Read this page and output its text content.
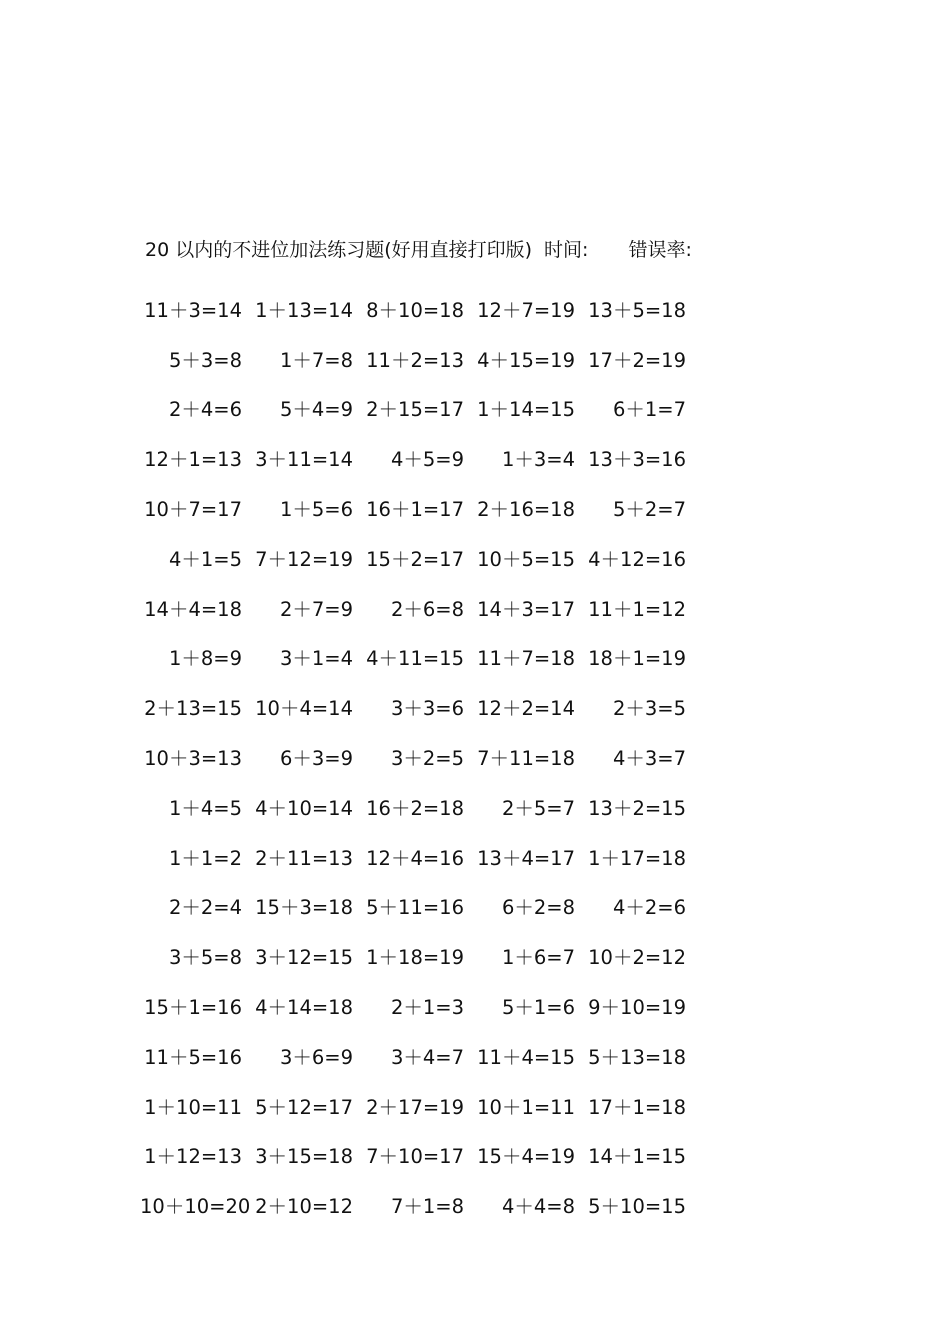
20 以内的不进位加法练习题(好用直接打印版) 时间: 错误率:
11＋3=14 1＋13=14 8＋10=18 12＋7=19 13＋5=18
5＋3=8	1＋7=8 11＋2=13 4＋15=19 17＋2=19
2＋4=6	5＋4=9 2＋15=17 1＋14=15	6＋1=7
12＋1=13 3＋11=14	4＋5=9	1＋3=4 13＋3=16
10＋7=17	1＋5=6 16＋1=17 2＋16=18	5＋2=7
4＋1=5 7＋12=19 15＋2=17 10＋5=15 4＋12=16
14＋4=18	2＋7=9	2＋6=8 14＋3=17 11＋1=12
1＋8=9	3＋1=4 4＋11=15 11＋7=18 18＋1=19
2＋13=15 10＋4=14	3＋3=6 12＋2=14	2＋3=5
10＋3=13	6＋3=9	3＋2=5 7＋11=18	4＋3=7
1＋4=5 4＋10=14 16＋2=18	2＋5=7 13＋2=15
1＋1=2 2＋11=13 12＋4=16 13＋4=17 1＋17=18
2＋2=4 15＋3=18 5＋11=16	6＋2=8	4＋2=6
3＋5=8 3＋12=15 1＋18=19	1＋6=7 10＋2=12
15＋1=16 4＋14=18	2＋1=3	5＋1=6 9＋10=19
11＋5=16	3＋6=9	3＋4=7 11＋4=15 5＋13=18
1＋10=11 5＋12=17 2＋17=19 10＋1=11 17＋1=18
1＋12=13 3＋15=18 7＋10=17 15＋4=19 14＋1=15
10＋10=20 2＋10=12	7＋1=8	4＋4=8 5＋10=15
